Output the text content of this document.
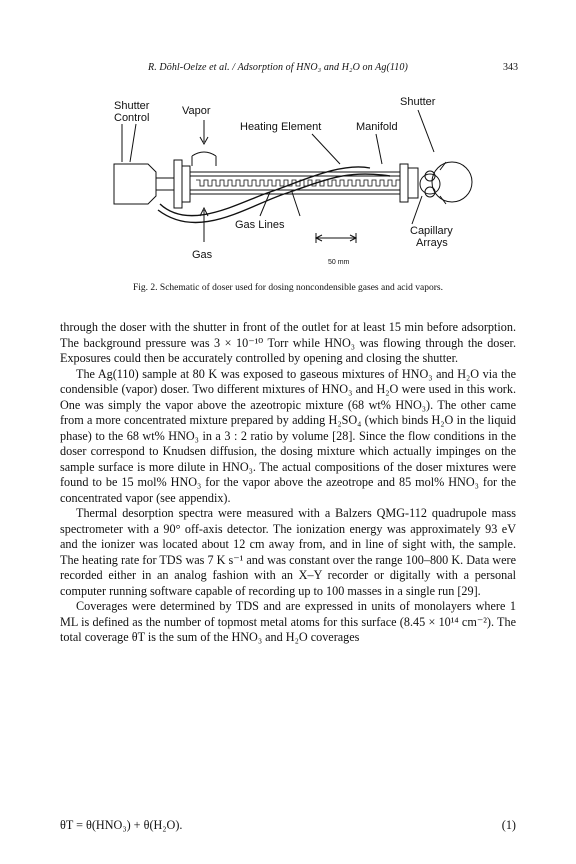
R. Döhl-Oelze et al. / Adsorption of HNO₃ and H₂O on Ag(110)	343
Shutter
Control
Vapor
Heating Element
Shutter
Manifold
Gas Lines
Gas
Capillary
Arrays
50 mm
Fig. 2. Schematic of doser used for dosing noncondensible gases and acid vapors.

through the doser with the shutter in front of the outlet for at least 15 min before adsorption. The background pressure was 3 × 10⁻¹⁰ Torr while HNO₃ was flowing through the doser. Exposures could then be accurately controlled by opening and closing the shutter.

The Ag(110) sample at 80 K was exposed to gaseous mixtures of HNO₃ and H₂O via the condensible (vapor) doser. Two different mixtures of HNO₃ and H₂O were used in this work. One was simply the vapor above the azeotropic mixture (68 wt% HNO₃). The other came from a more concentrated mixture prepared by adding H₂SO₄ (which binds H₂O in the liquid phase) to the 68 wt% HNO₃ in a 3 : 2 ratio by volume [28]. Since the flow conditions in the doser correspond to Knudsen diffusion, the dosing mixture which actually impinges on the sample surface is more dilute in HNO₃. The actual compositions of the doser mixtures were found to be 15 mol% HNO₃ for the vapor above the azeotrope and 85 mol% HNO₃ for the concentrated vapor (see appendix).

Thermal desorption spectra were measured with a Balzers QMG-112 quadrupole mass spectrometer with a 90° off-axis detector. The ionization energy was approximately 93 eV and the ionizer was located about 12 cm away from, and in line of sight with, the sample. The heating rate for TDS was 7 K s⁻¹ and was constant over the range 100–800 K. Data were recorded either in an analog fashion with an X–Y recorder or digitally with a personal computer running software capable of recording up to 100 masses in a single run [29].

Coverages were determined by TDS and are expressed in units of monolayers where 1 ML is defined as the number of topmost metal atoms for this surface (8.45 × 10¹⁴ cm⁻²). The total coverage θT is the sum of the HNO₃ and H₂O coverages

θT = θ(HNO₃) + θ(H₂O).	(1)
